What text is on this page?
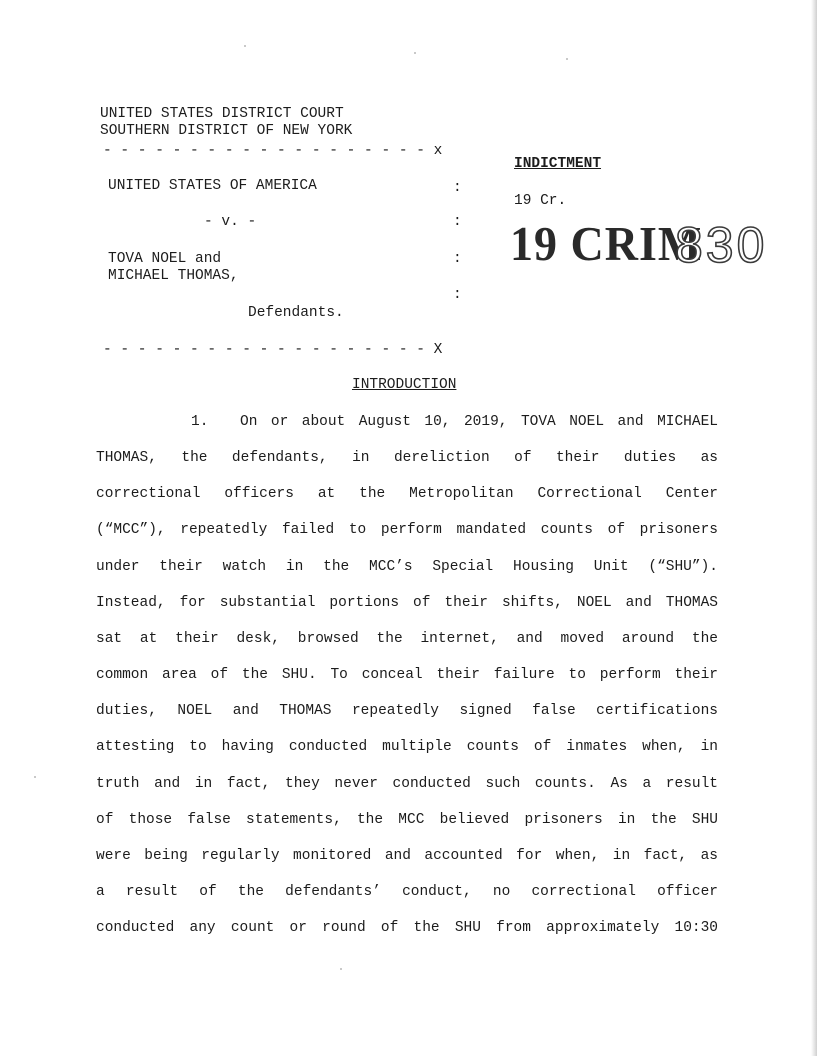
UNITED STATES DISTRICT COURT
SOUTHERN DISTRICT OF NEW YORK
- - - - - - - - - - - - - - - - - - - x
UNITED STATES OF AMERICA	:
- v. -	:
TOVA NOEL and	:
MICHAEL THOMAS,
:
Defendants.
- - - - - - - - - - - - - - - - - - - X
INDICTMENT
19 Cr.
19 CRIM
830
INTRODUCTION
1. On or about August 10, 2019, TOVA NOEL and MICHAEL
THOMAS, the defendants, in dereliction of their duties as
correctional officers at the Metropolitan Correctional Center
(“MCC”), repeatedly failed to perform mandated counts of prisoners
under their watch in the MCC’s Special Housing Unit (“SHU”).
Instead, for substantial portions of their shifts, NOEL and THOMAS
sat at their desk, browsed the internet, and moved around the
common area of the SHU. To conceal their failure to perform their
duties, NOEL and THOMAS repeatedly signed false certifications
attesting to having conducted multiple counts of inmates when, in
truth and in fact, they never conducted such counts. As a result
of those false statements, the MCC believed prisoners in the SHU
were being regularly monitored and accounted for when, in fact, as
a result of the defendants’ conduct, no correctional officer
conducted any count or round of the SHU from approximately 10:30
